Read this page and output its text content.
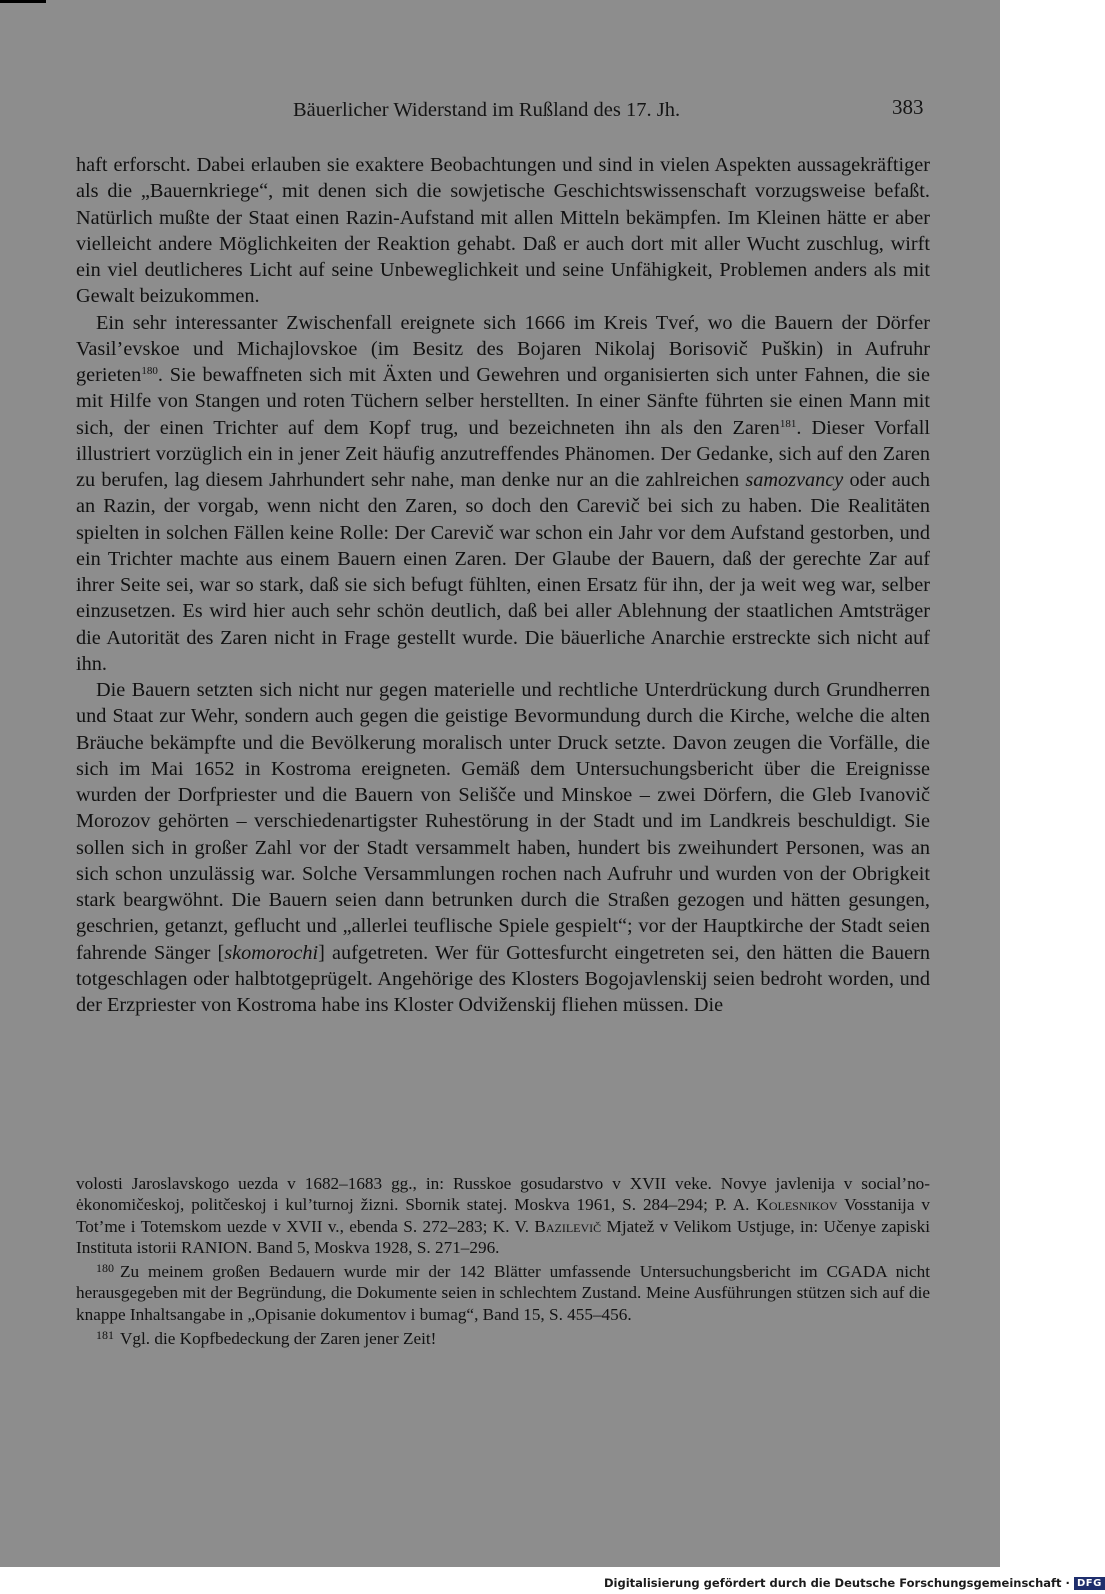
Bäuerlicher Widerstand im Rußland des 17. Jh.	383

haft erforscht. Dabei erlauben sie exaktere Beobachtungen und sind in vielen Aspekten aussagekräftiger als die „Bauernkriege“, mit denen sich die sowjetische Geschichtswissenschaft vorzugsweise befaßt. Natürlich mußte der Staat einen Razin-Aufstand mit allen Mitteln bekämpfen. Im Kleinen hätte er aber vielleicht andere Möglichkeiten der Reaktion gehabt. Daß er auch dort mit aller Wucht zuschlug, wirft ein viel deutlicheres Licht auf seine Unbeweglichkeit und seine Unfähigkeit, Problemen anders als mit Gewalt beizukommen.

Ein sehr interessanter Zwischenfall ereignete sich 1666 im Kreis Tveŕ, wo die Bauern der Dörfer Vasil’evskoe und Michajlovskoe (im Besitz des Bojaren Nikolaj Borisovič Puškin) in Aufruhr gerieten$^{180}$. Sie bewaffneten sich mit Äxten und Gewehren und organisierten sich unter Fahnen, die sie mit Hilfe von Stangen und roten Tüchern selber herstellten. In einer Sänfte führten sie einen Mann mit sich, der einen Trichter auf dem Kopf trug, und bezeichneten ihn als den Zaren$^{181}$. Dieser Vorfall illustriert vorzüglich ein in jener Zeit häufig anzutreffendes Phänomen. Der Gedanke, sich auf den Zaren zu berufen, lag diesem Jahrhundert sehr nahe, man denke nur an die zahlreichen samozvancy oder auch an Razin, der vorgab, wenn nicht den Zaren, so doch den Carevič bei sich zu haben. Die Realitäten spielten in solchen Fällen keine Rolle: Der Carevič war schon ein Jahr vor dem Aufstand gestorben, und ein Trichter machte aus einem Bauern einen Zaren. Der Glaube der Bauern, daß der gerechte Zar auf ihrer Seite sei, war so stark, daß sie sich befugt fühlten, einen Ersatz für ihn, der ja weit weg war, selber einzusetzen. Es wird hier auch sehr schön deutlich, daß bei aller Ablehnung der staatlichen Amtsträger die Autorität des Zaren nicht in Frage gestellt wurde. Die bäuerliche Anarchie erstreckte sich nicht auf ihn.

Die Bauern setzten sich nicht nur gegen materielle und rechtliche Unterdrückung durch Grundherren und Staat zur Wehr, sondern auch gegen die geistige Bevormundung durch die Kirche, welche die alten Bräuche bekämpfte und die Bevölkerung moralisch unter Druck setzte. Davon zeugen die Vorfälle, die sich im Mai 1652 in Kostroma ereigneten. Gemäß dem Untersuchungsbericht über die Ereignisse wurden der Dorfpriester und die Bauern von Selišče und Minskoe – zwei Dörfern, die Gleb Ivanovič Morozov gehörten – verschiedenartigster Ruhestörung in der Stadt und im Landkreis beschuldigt. Sie sollen sich in großer Zahl vor der Stadt versammelt haben, hundert bis zweihundert Personen, was an sich schon unzulässig war. Solche Versammlungen rochen nach Aufruhr und wurden von der Obrigkeit stark beargwöhnt. Die Bauern seien dann betrunken durch die Straßen gezogen und hätten gesungen, geschrien, getanzt, geflucht und „allerlei teuflische Spiele gespielt“; vor der Hauptkirche der Stadt seien fahrende Sänger [skomorochi] aufgetreten. Wer für Gottesfurcht eingetreten sei, den hätten die Bauern totgeschlagen oder halbtotgeprügelt. Angehörige des Klosters Bogojavlenskij seien bedroht worden, und der Erzpriester von Kostroma habe ins Kloster Odviženskij fliehen müssen. Die

volosti Jaroslavskogo uezda v 1682–1683 gg., in: Russkoe gosudarstvo v XVII veke. Novye javlenija v social’no-ėkonomičeskoj, politčeskoj i kul’turnoj žizni. Sbornik statej. Moskva 1961, S. 284–294; P. A. Kolesnikov Vosstanija v Tot’me i Totemskom uezde v XVII v., ebenda S. 272–283; K. V. Bazilevič Mjatež v Velikom Ustjuge, in: Učenye zapiski Instituta istorii RANION. Band 5, Moskva 1928, S. 271–296.

$^{180}$ Zu meinem großen Bedauern wurde mir der 142 Blätter umfassende Untersuchungsbericht im CGADA nicht herausgegeben mit der Begründung, die Dokumente seien in schlechtem Zustand. Meine Ausführungen stützen sich auf die knappe Inhaltsangabe in „Opisanie dokumentov i bumag“, Band 15, S. 455–456.

$^{181}$ Vgl. die Kopfbedeckung der Zaren jener Zeit!

Digitalisierung gefördert durch die Deutsche Forschungsgemeinschaft · DFG
